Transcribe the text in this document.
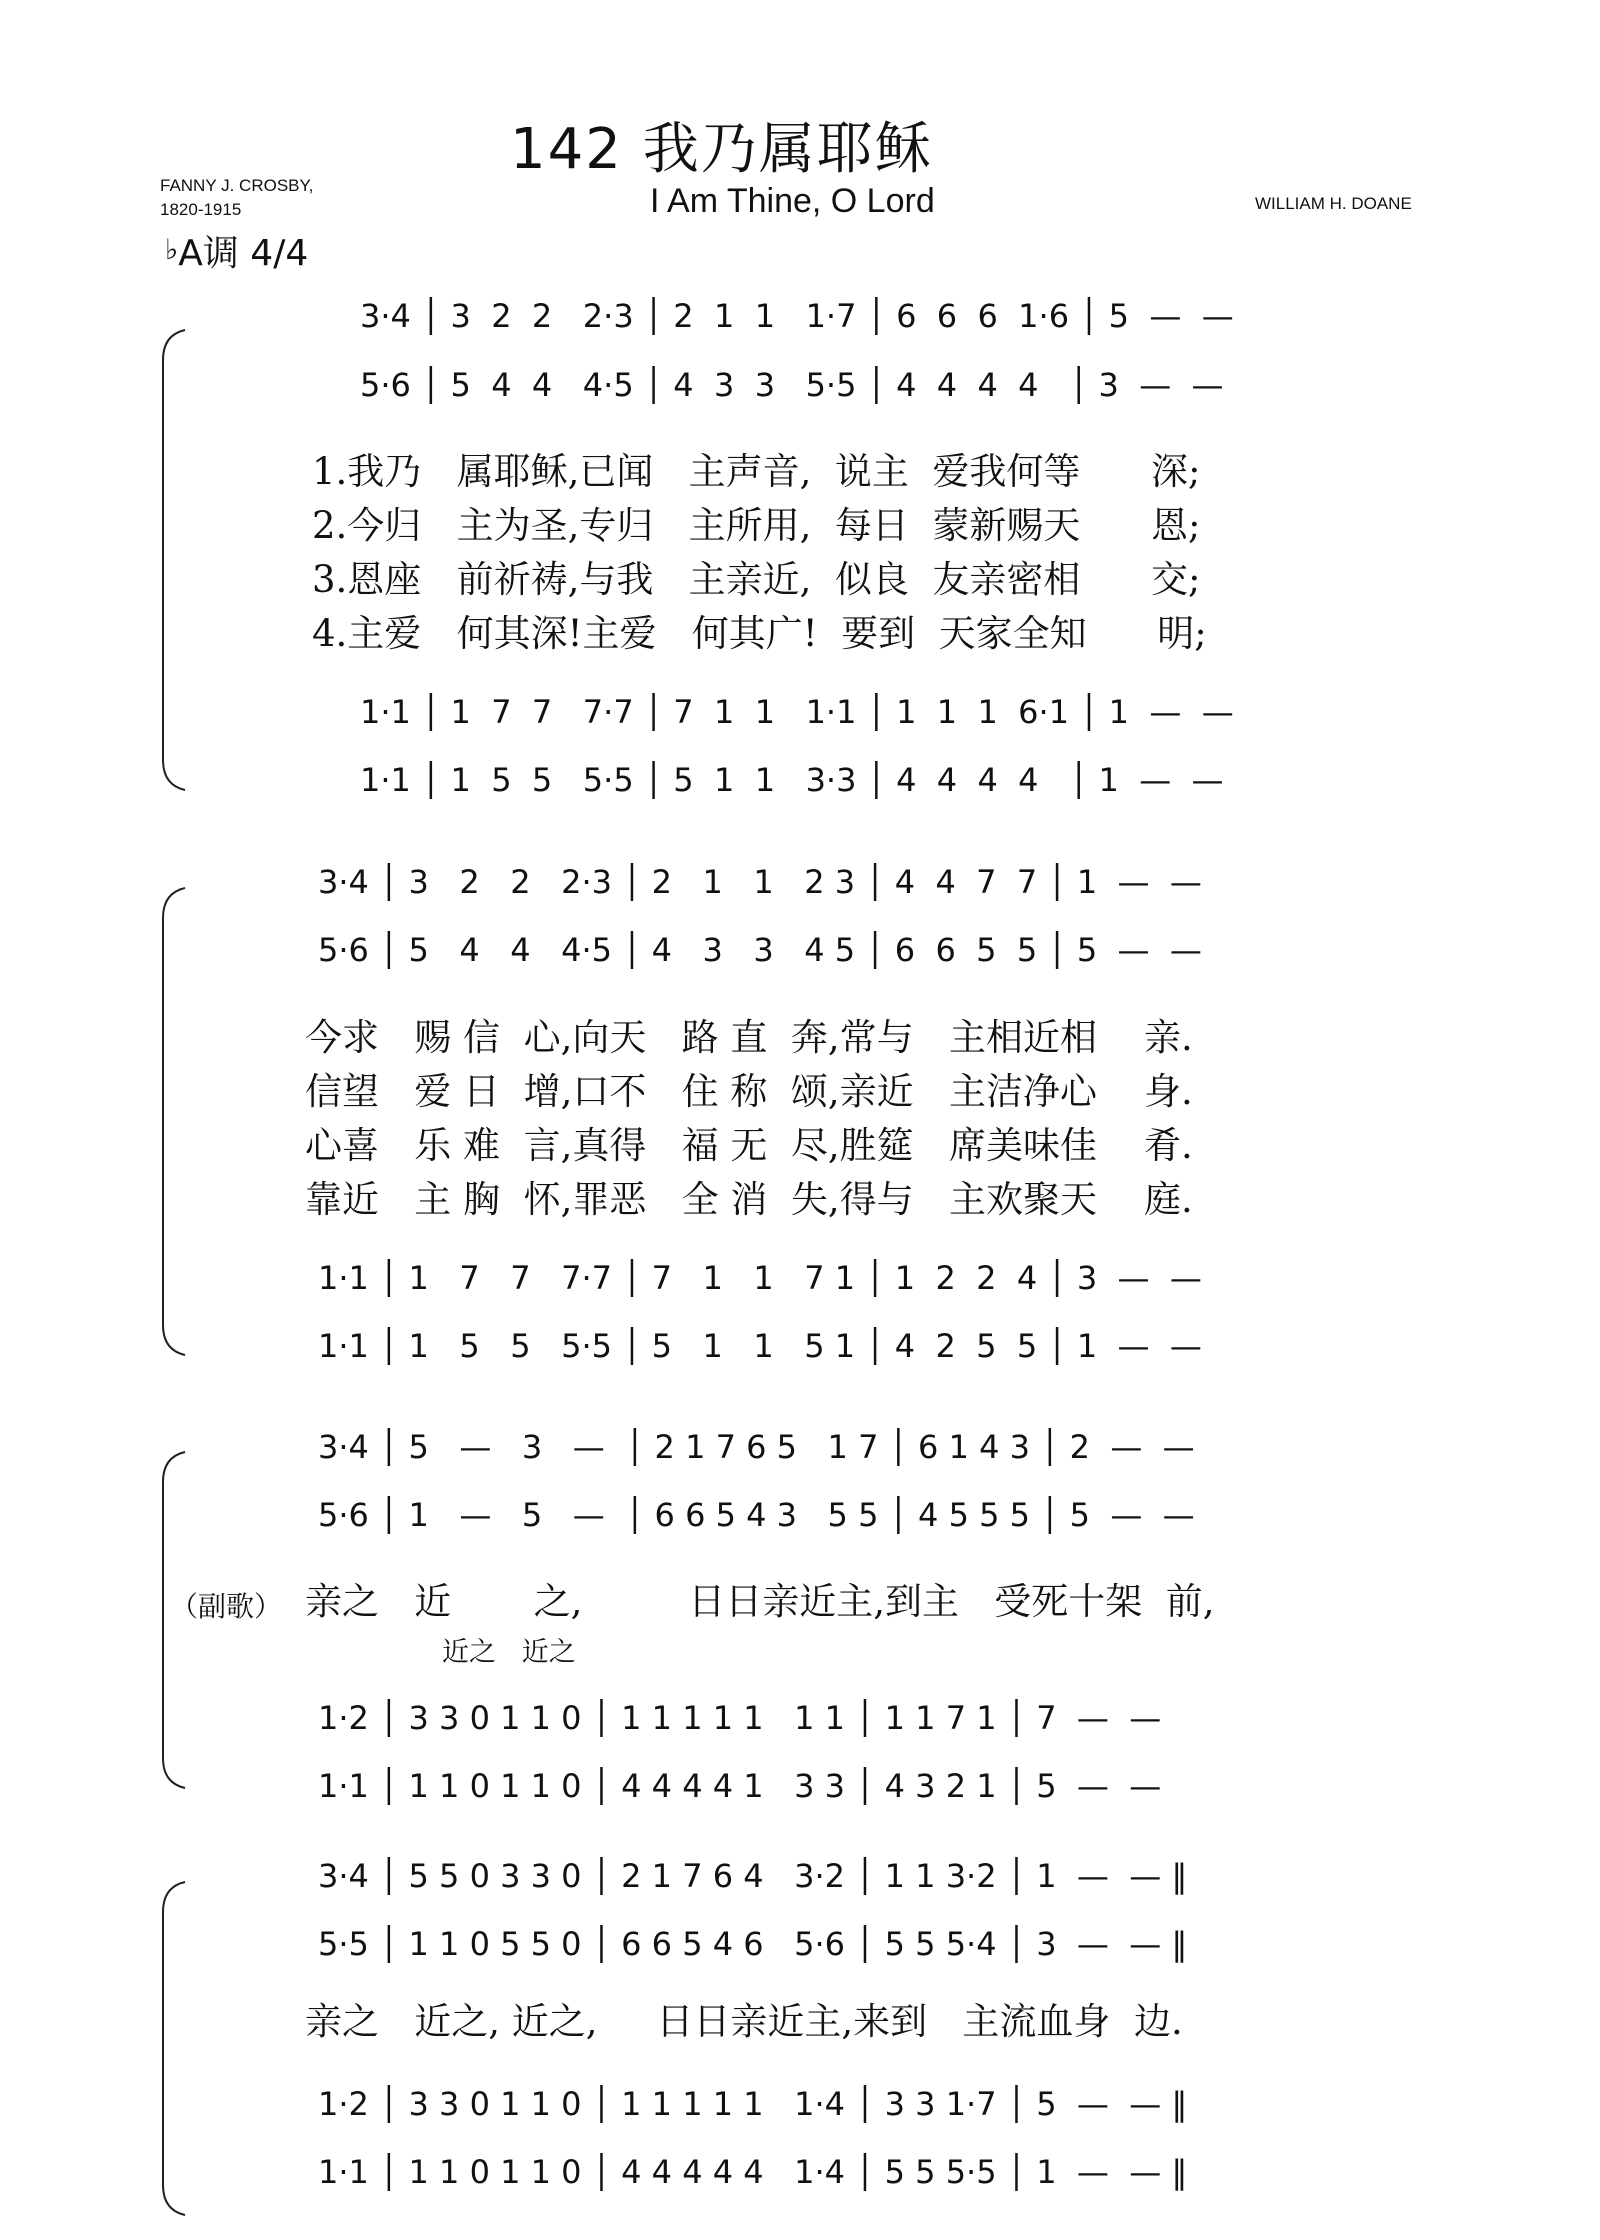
142 我乃属耶稣
I Am Thine, O Lord
FANNY J. CROSBY,
1820-1915	WILLIAM H. DOANE
♭A调 4/4
3·4 │ 3  2  2   2·3 │ 2  1  1   1·7 │ 6  6  6  1·6 │ 5  —  —
5·6 │ 5  4  4   4·5 │ 4  3  3   5·5 │ 4  4  4  4   │ 3  —  —
1.我乃   属耶稣,已闻   主声音,  说主  爱我何等      深;
2.今归   主为圣,专归   主所用,  每日  蒙新赐天      恩;
3.恩座   前祈祷,与我   主亲近,  似良  友亲密相      交;
4.主爱   何其深!主爱   何其广!  要到  天家全知      明;
1·1 │ 1  7  7   7·7 │ 7  1  1   1·1 │ 1  1  1  6·1 │ 1  —  —
1·1 │ 1  5  5   5·5 │ 5  1  1   3·3 │ 4  4  4  4   │ 1  —  —
3·4 │ 3   2   2   2·3 │ 2   1   1   2 3 │ 4  4  7  7 │ 1  —  —
5·6 │ 5   4   4   4·5 │ 4   3   3   4 5 │ 6  6  5  5 │ 5  —  —
今求   赐 信  心,向天   路 直  奔,常与   主相近相    亲.
信望   爱 日  增,口不   住 称  颂,亲近   主洁净心    身.
心喜   乐 难  言,真得   福 无  尽,胜筵   席美味佳    肴.
靠近   主 胸  怀,罪恶   全 消  失,得与   主欢聚天    庭.
1·1 │ 1   7   7   7·7 │ 7   1   1   7 1 │ 1  2  2  4 │ 3  —  —
1·1 │ 1   5   5   5·5 │ 5   1   1   5 1 │ 4  2  5  5 │ 1  —  —
3·4 │ 5   —   3   —  │ 2 1 7 6 5   1 7 │ 6 1 4 3 │ 2  —  —
5·6 │ 1   —   5   —  │ 6 6 5 4 3   5 5 │ 4 5 5 5 │ 5  —  —
（副歌） 亲之   近       之,         日日亲近主,到主   受死十架  前,
近之   近之
1·2 │ 3 3 0 1 1 0 │ 1 1 1 1 1   1 1 │ 1 1 7 1 │ 7  —  —
1·1 │ 1 1 0 1 1 0 │ 4 4 4 4 1   3 3 │ 4 3 2 1 │ 5  —  —
3·4 │ 5 5 0 3 3 0 │ 2 1 7 6 4   3·2 │ 1 1 3·2 │ 1  —  — ‖
5·5 │ 1 1 0 5 5 0 │ 6 6 5 4 6   5·6 │ 5 5 5·4 │ 3  —  — ‖
亲之   近之, 近之,     日日亲近主,来到   主流血身  边.
1·2 │ 3 3 0 1 1 0 │ 1 1 1 1 1   1·4 │ 3 3 1·7 │ 5  —  — ‖
1·1 │ 1 1 0 1 1 0 │ 4 4 4 4 4   1·4 │ 5 5 5·5 │ 1  —  — ‖
